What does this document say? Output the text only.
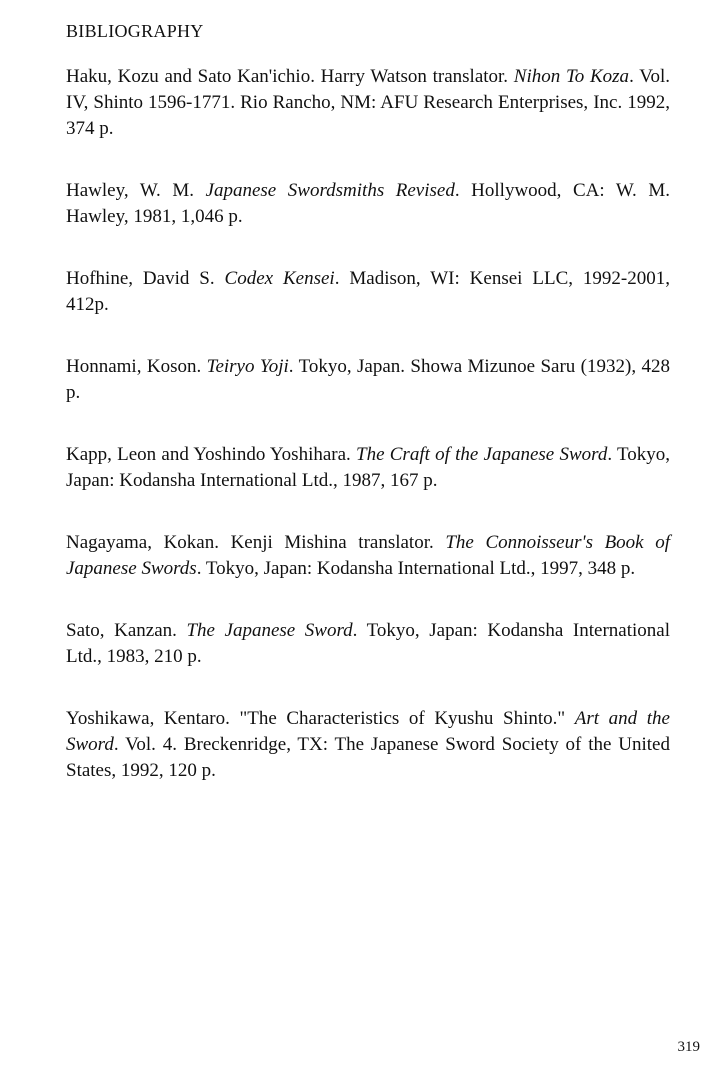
BIBLIOGRAPHY
Haku, Kozu and Sato Kan'ichio. Harry Watson translator. Nihon To Koza. Vol. IV, Shinto 1596-1771. Rio Rancho, NM: AFU Research Enterprises, Inc. 1992, 374 p.
Hawley, W. M. Japanese Swordsmiths Revised. Hollywood, CA: W. M. Hawley, 1981, 1,046 p.
Hofhine, David S. Codex Kensei. Madison, WI: Kensei LLC, 1992-2001, 412p.
Honnami, Koson. Teiryo Yoji. Tokyo, Japan. Showa Mizunoe Saru (1932), 428 p.
Kapp, Leon and Yoshindo Yoshihara. The Craft of the Japanese Sword. Tokyo, Japan: Kodansha International Ltd., 1987, 167 p.
Nagayama, Kokan. Kenji Mishina translator. The Connoisseur's Book of Japanese Swords. Tokyo, Japan: Kodansha International Ltd., 1997, 348 p.
Sato, Kanzan. The Japanese Sword. Tokyo, Japan: Kodansha International Ltd., 1983, 210 p.
Yoshikawa, Kentaro. "The Characteristics of Kyushu Shinto." Art and the Sword. Vol. 4. Breckenridge, TX: The Japanese Sword Society of the United States, 1992, 120 p.
319
